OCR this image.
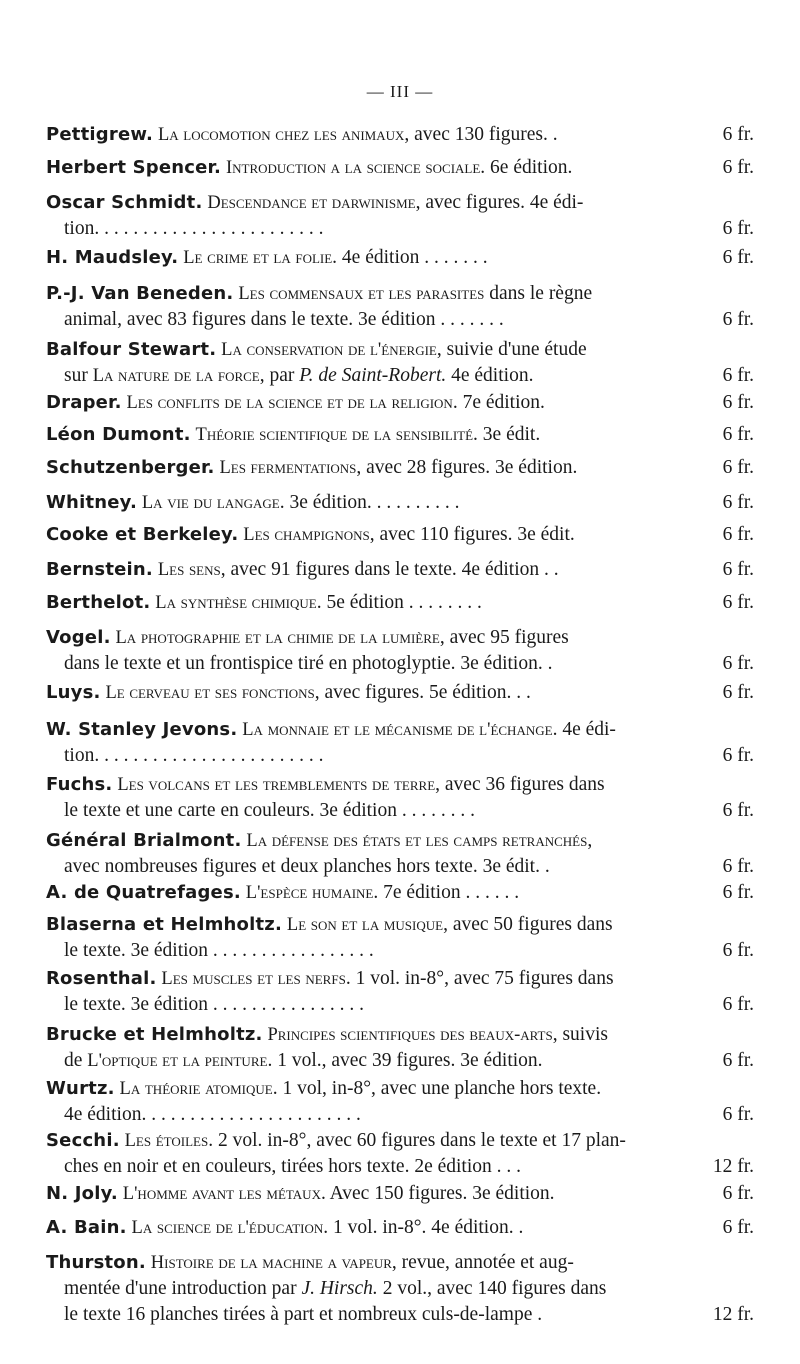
— III —
Pettigrew. La locomotion chez les animaux, avec 130 figures. .	6 fr.
Herbert Spencer. Introduction a la science sociale. 6e édition.	6 fr.
Oscar Schmidt. Descendance et darwinisme, avec figures. 4e édi-
tion. . . . . . . . . . . . . . . . . . . . . . . .	6 fr.
H. Maudsley. Le crime et la folie. 4e édition . . . . . . .	6 fr.
P.-J. Van Beneden. Les commensaux et les parasites dans le règne
animal, avec 83 figures dans le texte. 3e édition . . . . . . .	6 fr.
Balfour Stewart. La conservation de l'énergie, suivie d'une étude
sur La nature de la force, par P. de Saint-Robert. 4e édition.	6 fr.
Draper. Les conflits de la science et de la religion. 7e édition.	6 fr.
Léon Dumont. Théorie scientifique de la sensibilité. 3e édit.	6 fr.
Schutzenberger. Les fermentations, avec 28 figures. 3e édition.	6 fr.
Whitney. La vie du langage. 3e édition. . . . . . . . . .	6 fr.
Cooke et Berkeley. Les champignons, avec 110 figures. 3e édit.	6 fr.
Bernstein. Les sens, avec 91 figures dans le texte. 4e édition . .	6 fr.
Berthelot. La synthèse chimique. 5e édition . . . . . . . .	6 fr.
Vogel. La photographie et la chimie de la lumière, avec 95 figures
dans le texte et un frontispice tiré en photoglyptie. 3e édition. .	6 fr.
Luys. Le cerveau et ses fonctions, avec figures. 5e édition. . .	6 fr.
W. Stanley Jevons. La monnaie et le mécanisme de l'échange. 4e édi-
tion. . . . . . . . . . . . . . . . . . . . . . . .	6 fr.
Fuchs. Les volcans et les tremblements de terre, avec 36 figures dans
le texte et une carte en couleurs. 3e édition . . . . . . . .	6 fr.
Général Brialmont. La défense des états et les camps retranchés,
avec nombreuses figures et deux planches hors texte. 3e édit. .	6 fr.
A. de Quatrefages. L'espèce humaine. 7e édition . . . . . .	6 fr.
Blaserna et Helmholtz. Le son et la musique, avec 50 figures dans
le texte. 3e édition . . . . . . . . . . . . . . . . .	6 fr.
Rosenthal. Les muscles et les nerfs. 1 vol. in-8°, avec 75 figures dans
le texte. 3e édition . . . . . . . . . . . . . . . .	6 fr.
Brucke et Helmholtz. Principes scientifiques des beaux-arts, suivis
de L'optique et la peinture. 1 vol., avec 39 figures. 3e édition.	6 fr.
Wurtz. La théorie atomique. 1 vol, in-8°, avec une planche hors texte.
4e édition. . . . . . . . . . . . . . . . . . . . . . .	6 fr.
Secchi. Les étoiles. 2 vol. in-8°, avec 60 figures dans le texte et 17 plan-
ches en noir et en couleurs, tirées hors texte. 2e édition . . .	12 fr.
N. Joly. L'homme avant les métaux. Avec 150 figures. 3e édition.	6 fr.
A. Bain. La science de l'éducation. 1 vol. in-8°. 4e édition. .	6 fr.
Thurston. Histoire de la machine a vapeur, revue, annotée et aug-
mentée d'une introduction par J. Hirsch. 2 vol., avec 140 figures dans
le texte 16 planches tirées à part et nombreux culs-de-lampe .	12 fr.
